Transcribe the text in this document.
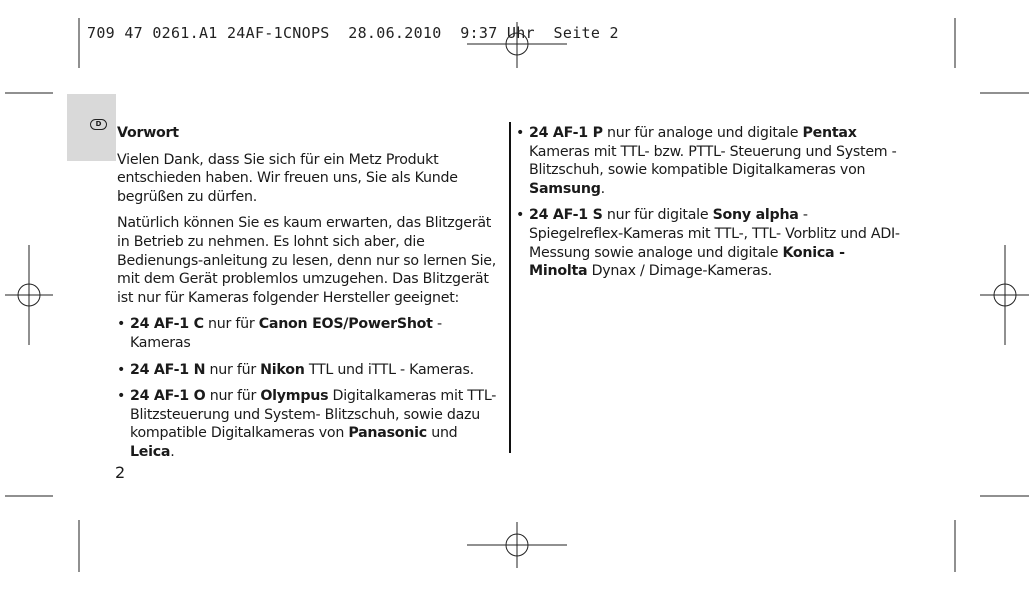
709 47 0261.A1 24AF-1CNOPS  28.06.2010  9:37 Uhr  Seite 2
D
Vorwort

Vielen Dank, dass Sie sich für ein Metz Produkt entschieden haben. Wir freuen uns, Sie als Kunde begrüßen zu dürfen.

Natürlich können Sie es kaum erwarten, das Blitzgerät in Betrieb zu nehmen. Es lohnt sich aber, die Bedienungs-anleitung zu lesen, denn nur so lernen Sie, mit dem Gerät problemlos umzugehen. Das Blitzgerät ist nur für Kameras folgender Hersteller geeignet:

• 24 AF-1 C nur für Canon EOS/PowerShot - Kameras
• 24 AF-1 N nur für Nikon TTL und iTTL - Kameras.
• 24 AF-1 O nur für Olympus Digitalkameras mit TTL- Blitzsteuerung und System- Blitzschuh, sowie dazu kompatible Digitalkameras von Panasonic und Leica.
• 24 AF-1 P nur für analoge und digitale Pentax Kameras mit TTL- bzw. PTTL- Steuerung und System - Blitzschuh, sowie kompatible Digitalkameras von Samsung.
• 24 AF-1 S nur für digitale Sony alpha - Spiegelreflex-Kameras mit TTL-, TTL- Vorblitz und ADI- Messung sowie analoge und digitale Konica - Minolta Dynax / Dimage-Kameras.
2
